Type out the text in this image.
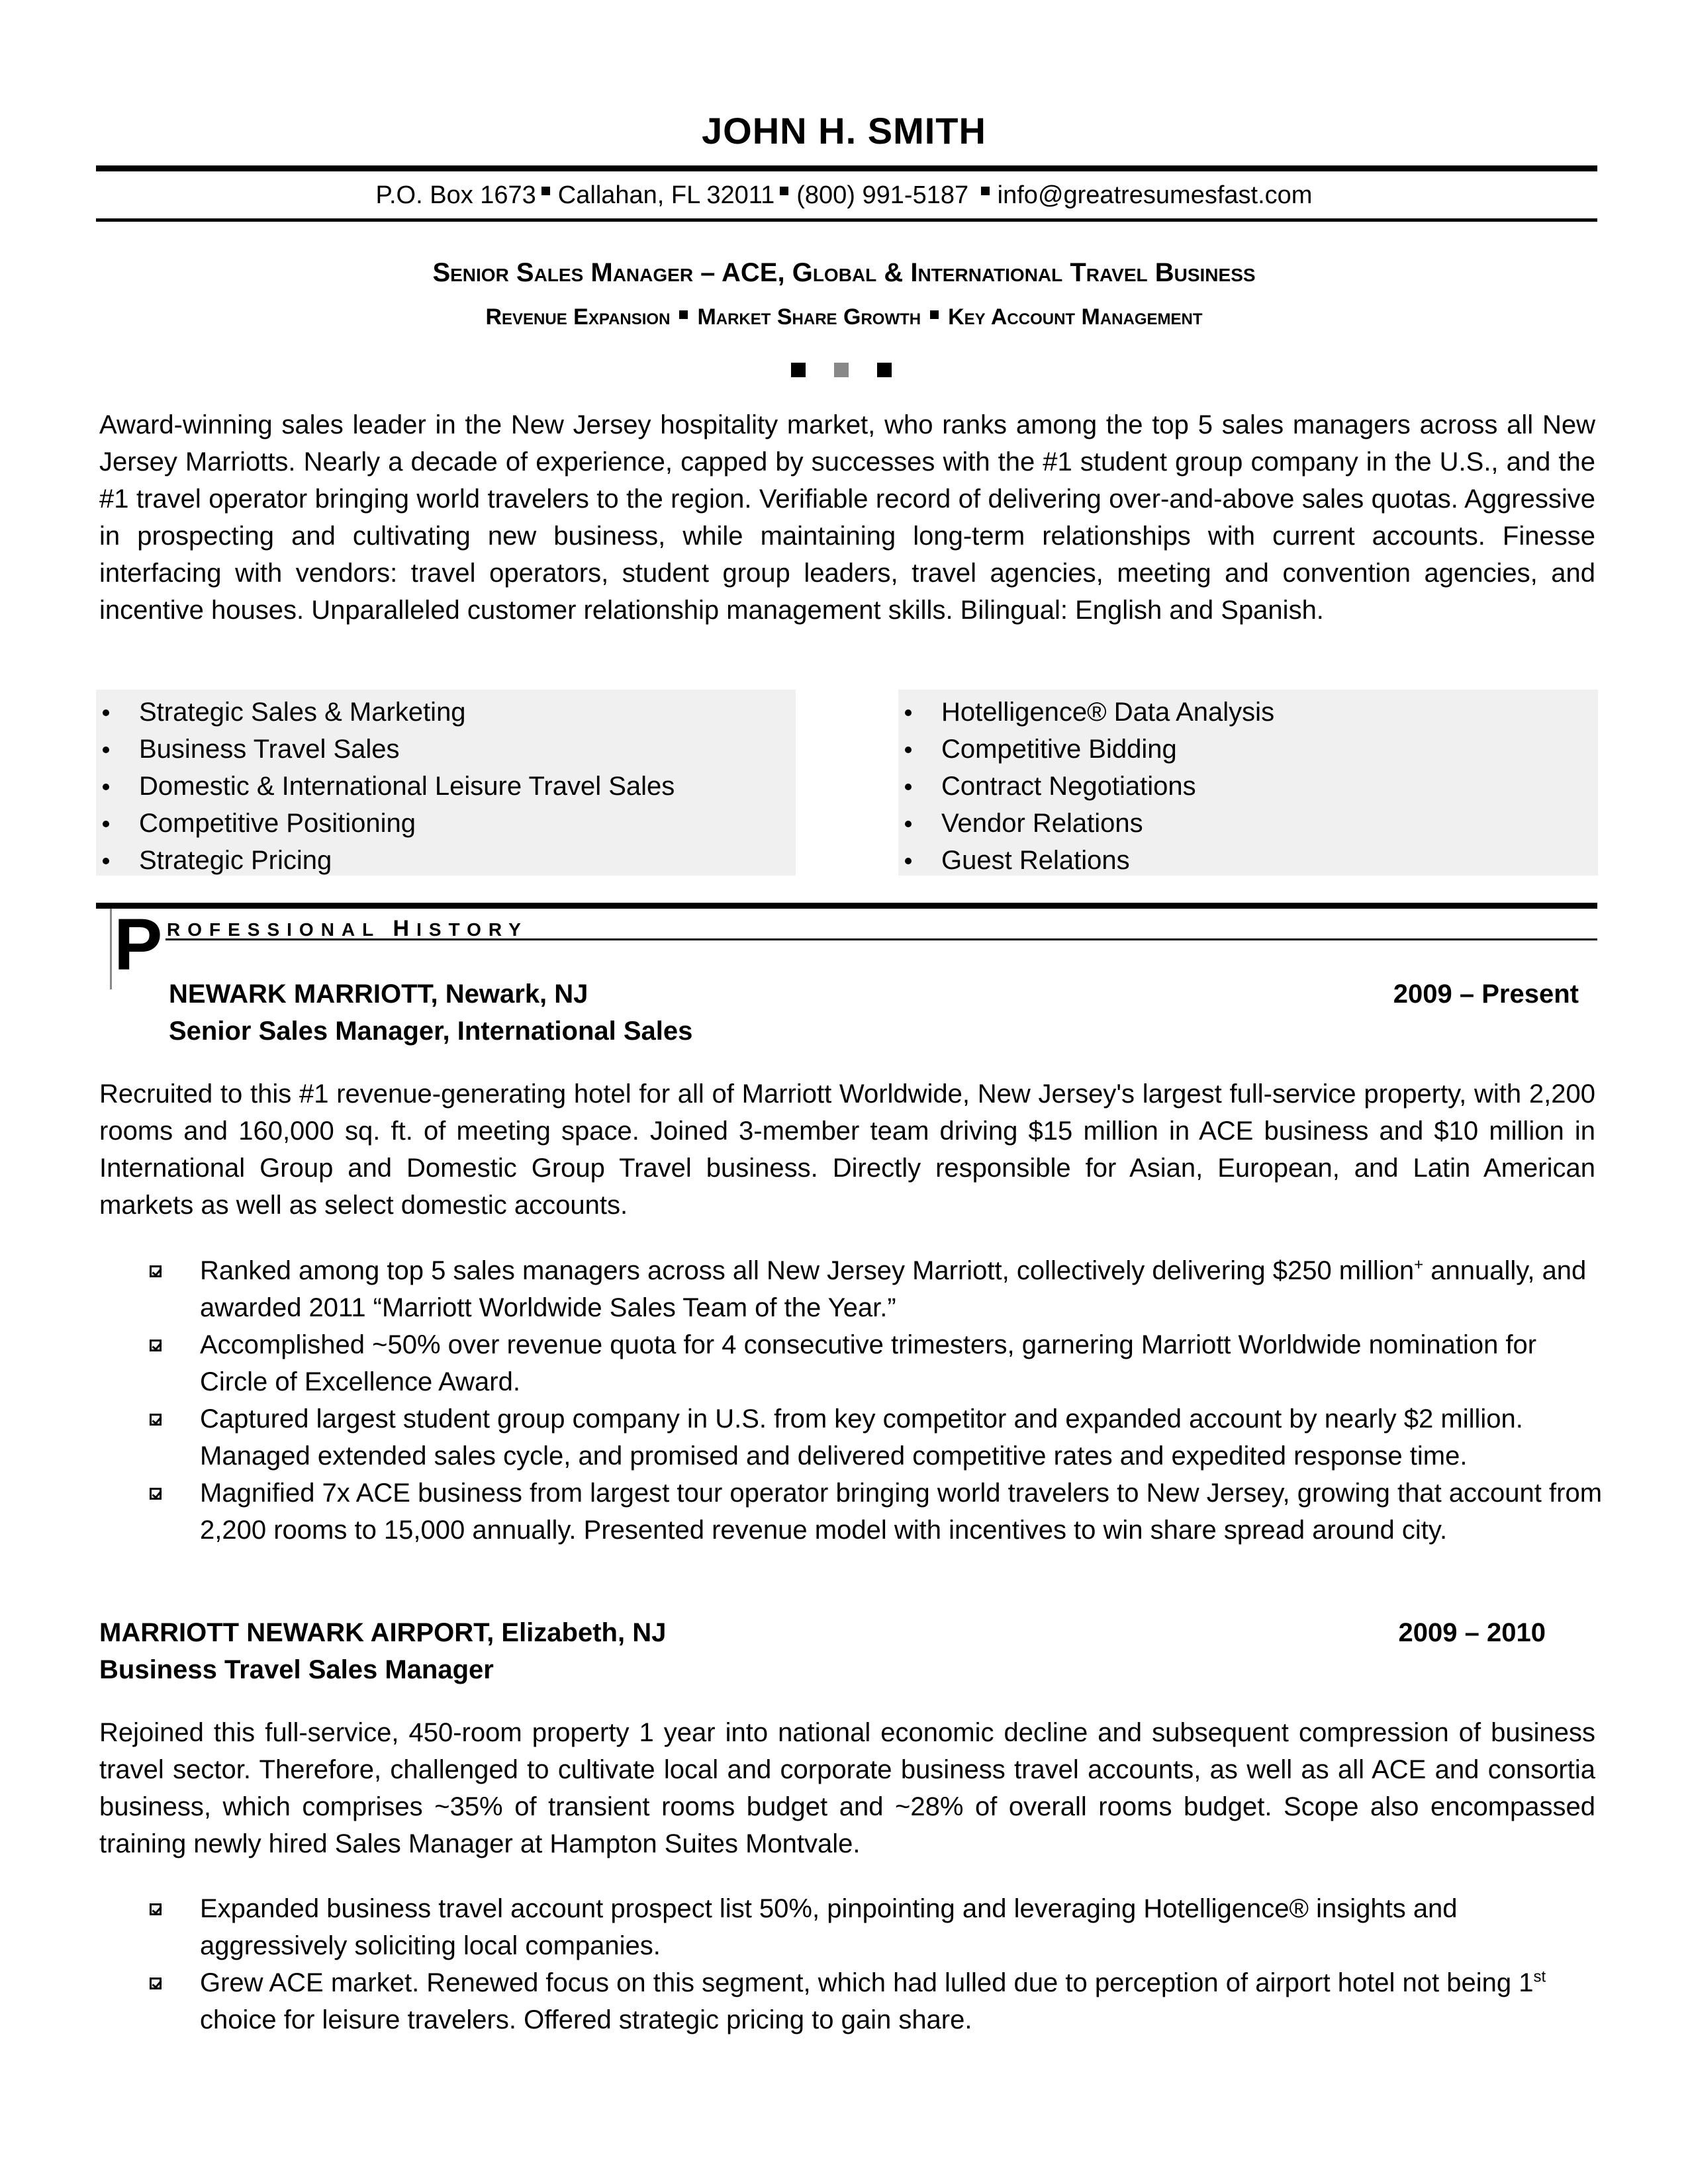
JOHN H. SMITH
P.O. Box 1673 Callahan, FL 32011 (800) 991-5187 info@greatresumesfast.com
Senior Sales Manager – ACE, Global & International Travel Business
Revenue Expansion Market Share Growth Key Account Management
Award-winning sales leader in the New Jersey hospitality market, who ranks among the top 5 sales managers across all New Jersey Marriotts. Nearly a decade of experience, capped by successes with the #1 student group company in the U.S., and the #1 travel operator bringing world travelers to the region. Verifiable record of delivering over-and-above sales quotas. Aggressive in prospecting and cultivating new business, while maintaining long-term relationships with current accounts. Finesse interfacing with vendors: travel operators, student group leaders, travel agencies, meeting and convention agencies, and incentive houses. Unparalleled customer relationship management skills. Bilingual: English and Spanish.
Strategic Sales & Marketing
Business Travel Sales
Domestic & International Leisure Travel Sales
Competitive Positioning
Strategic Pricing
Hotelligence® Data Analysis
Competitive Bidding
Contract Negotiations
Vendor Relations
Guest Relations
P ROFESSIONAL HISTORY
NEWARK MARRIOTT, Newark, NJ	2009 – Present
Senior Sales Manager, International Sales
Recruited to this #1 revenue-generating hotel for all of Marriott Worldwide, New Jersey's largest full-service property, with 2,200 rooms and 160,000 sq. ft. of meeting space. Joined 3-member team driving $15 million in ACE business and $10 million in International Group and Domestic Group Travel business. Directly responsible for Asian, European, and Latin American markets as well as select domestic accounts.
Ranked among top 5 sales managers across all New Jersey Marriott, collectively delivering $250 million+ annually, and awarded 2011 “Marriott Worldwide Sales Team of the Year.”
Accomplished ~50% over revenue quota for 4 consecutive trimesters, garnering Marriott Worldwide nomination for Circle of Excellence Award.
Captured largest student group company in U.S. from key competitor and expanded account by nearly $2 million. Managed extended sales cycle, and promised and delivered competitive rates and expedited response time.
Magnified 7x ACE business from largest tour operator bringing world travelers to New Jersey, growing that account from 2,200 rooms to 15,000 annually. Presented revenue model with incentives to win share spread around city.
MARRIOTT NEWARK AIRPORT, Elizabeth, NJ	2009 – 2010
Business Travel Sales Manager
Rejoined this full-service, 450-room property 1 year into national economic decline and subsequent compression of business travel sector. Therefore, challenged to cultivate local and corporate business travel accounts, as well as all ACE and consortia business, which comprises ~35% of transient rooms budget and ~28% of overall rooms budget. Scope also encompassed training newly hired Sales Manager at Hampton Suites Montvale.
Expanded business travel account prospect list 50%, pinpointing and leveraging Hotelligence® insights and aggressively soliciting local companies.
Grew ACE market. Renewed focus on this segment, which had lulled due to perception of airport hotel not being 1st choice for leisure travelers. Offered strategic pricing to gain share.
